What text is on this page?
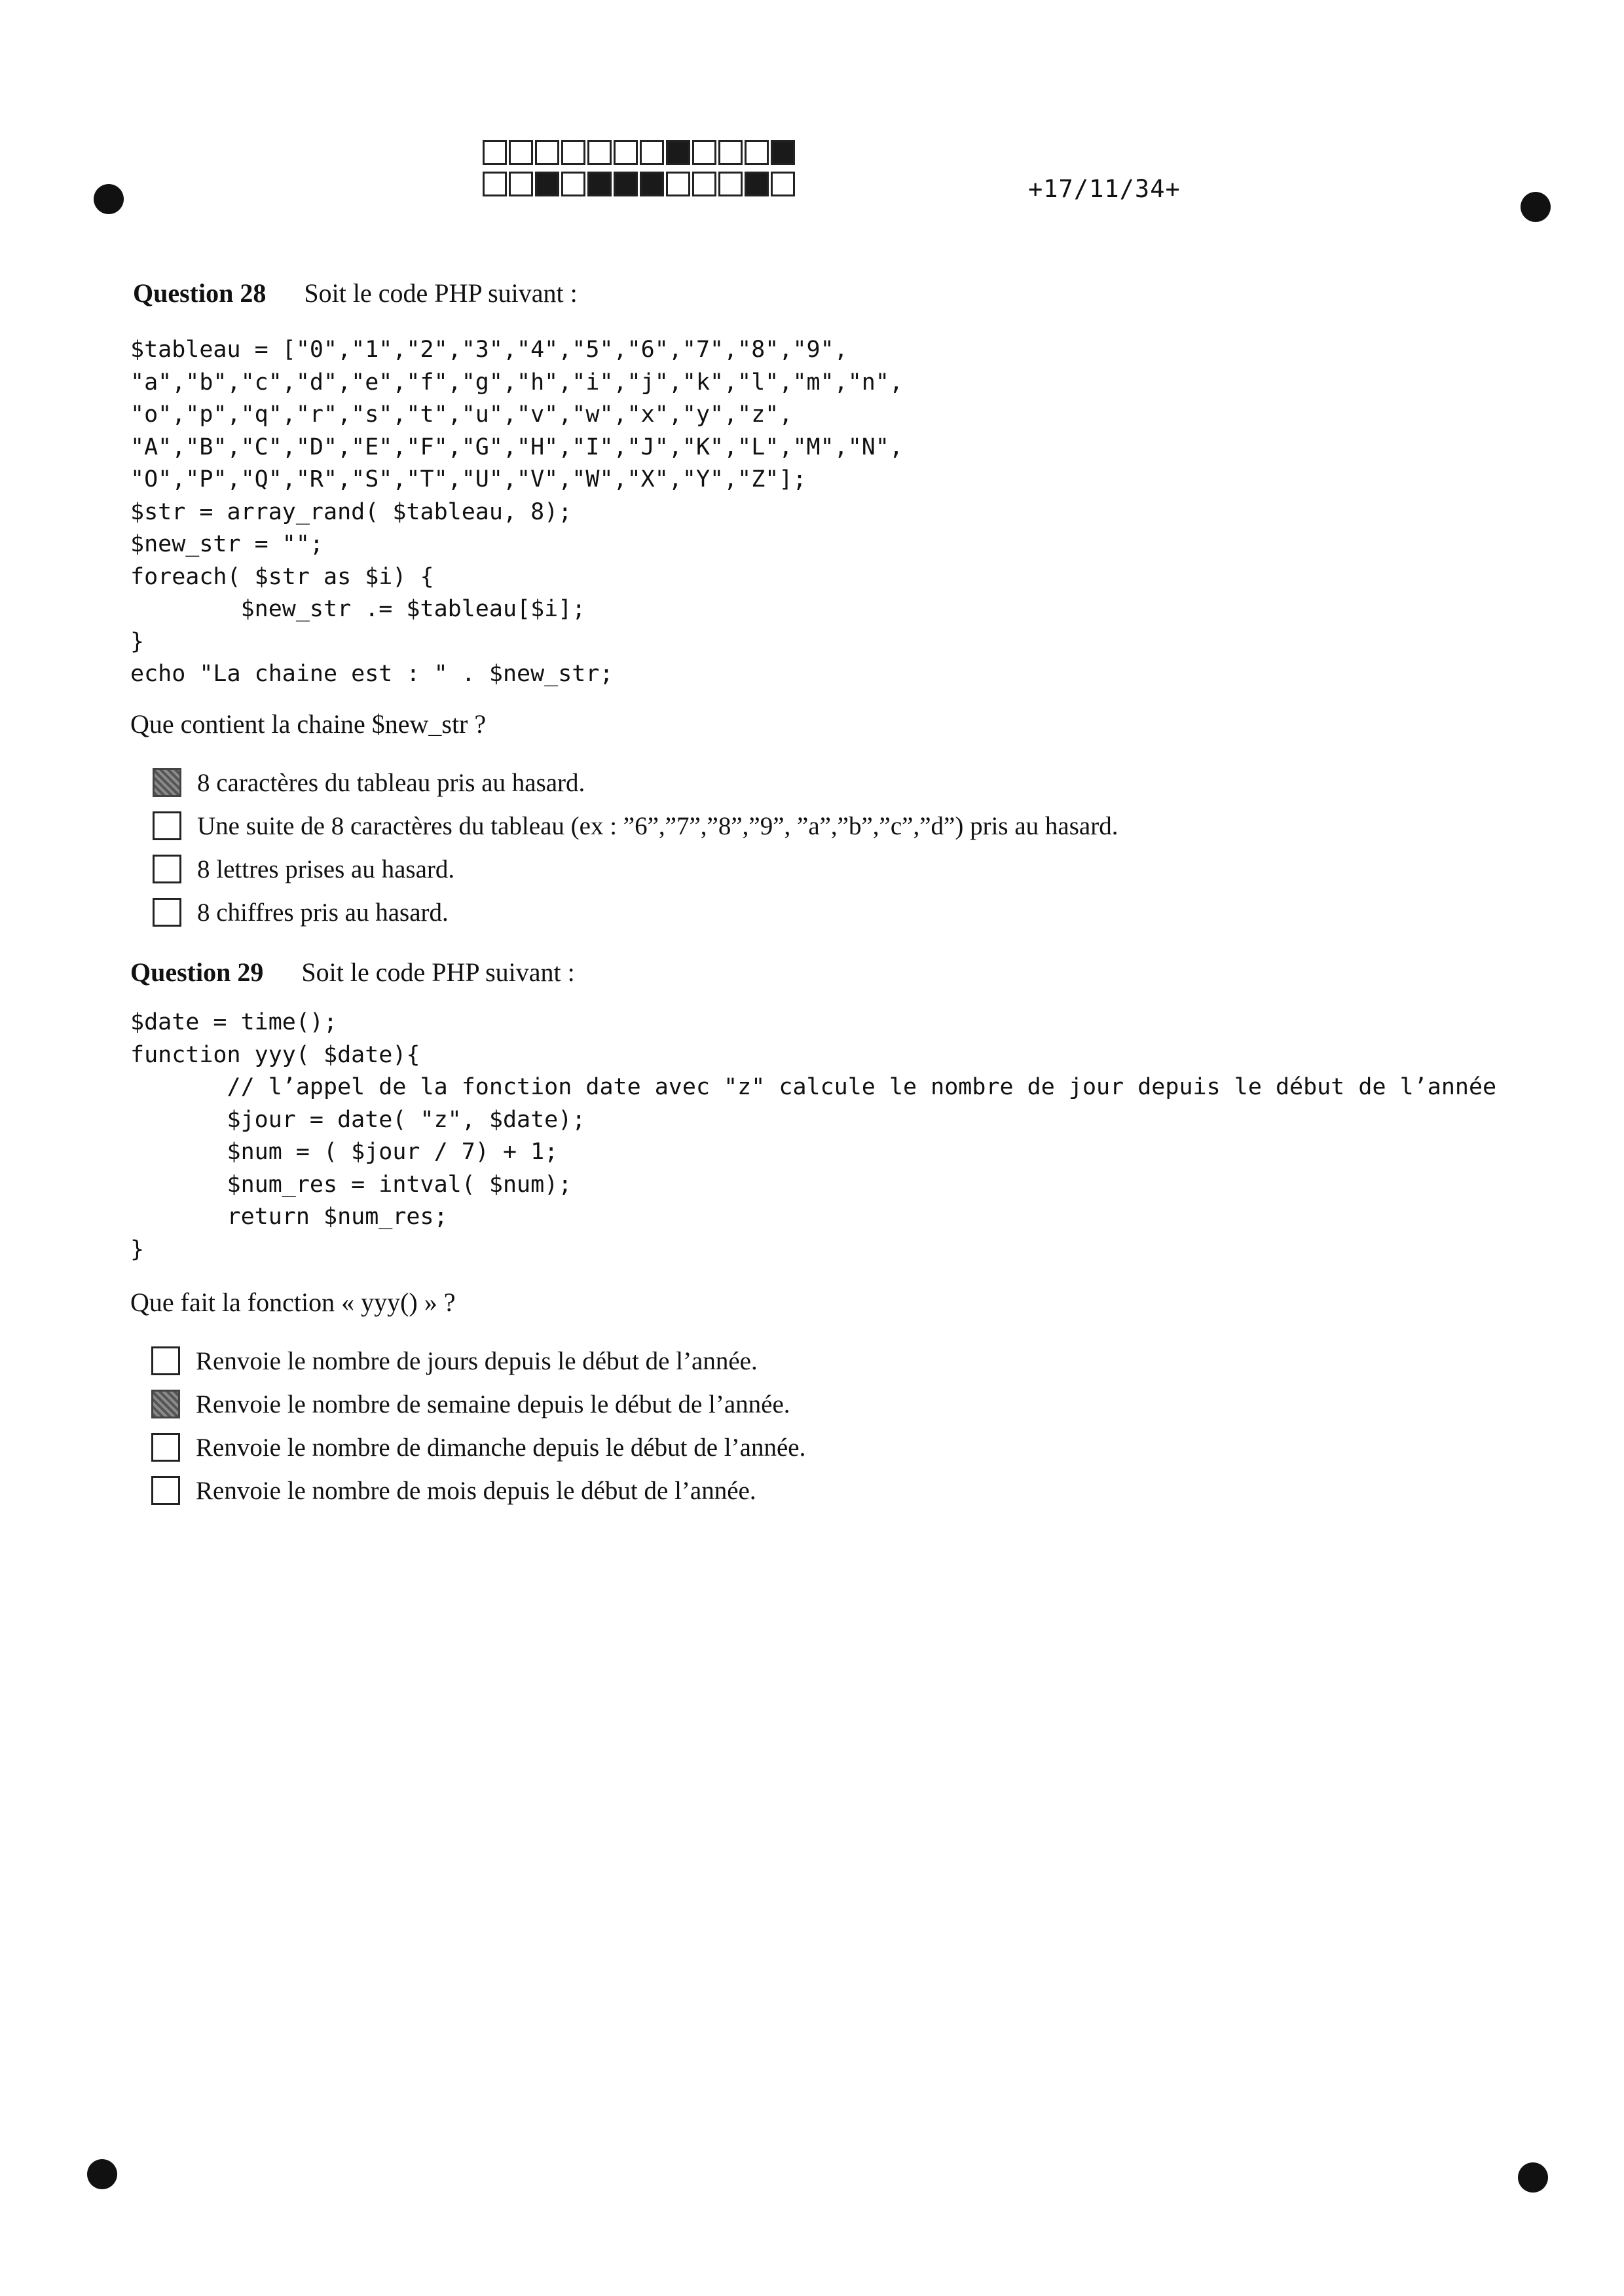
+17/11/34+
Question 28 Soit le code PHP suivant :
$tableau = ["0","1","2","3","4","5","6","7","8","9",
"a","b","c","d","e","f","g","h","i","j","k","l","m","n",
"o","p","q","r","s","t","u","v","w","x","y","z",
"A","B","C","D","E","F","G","H","I","J","K","L","M","N",
"O","P","Q","R","S","T","U","V","W","X","Y","Z"];
$str = array_rand( $tableau, 8);
$new_str = "";
foreach( $str as $i) {
$new_str .= $tableau[$i];
}
echo "La chaine est : " . $new_str;
Que contient la chaine $new_str ?
8 caractères du tableau pris au hasard.
Une suite de 8 caractères du tableau (ex : ”6”,”7”,”8”,”9”, ”a”,”b”,”c”,”d”) pris au hasard.
8 lettres prises au hasard.
8 chiffres pris au hasard.
Question 29 Soit le code PHP suivant :
$date = time();
function yyy( $date){
// l’appel de la fonction date avec "z" calcule le nombre de jour depuis le début de l’année
$jour = date( "z", $date);
$num = ( $jour / 7) + 1;
$num_res = intval( $num);
return $num_res;
}
Que fait la fonction « yyy() » ?
Renvoie le nombre de jours depuis le début de l’année.
Renvoie le nombre de semaine depuis le début de l’année.
Renvoie le nombre de dimanche depuis le début de l’année.
Renvoie le nombre de mois depuis le début de l’année.
